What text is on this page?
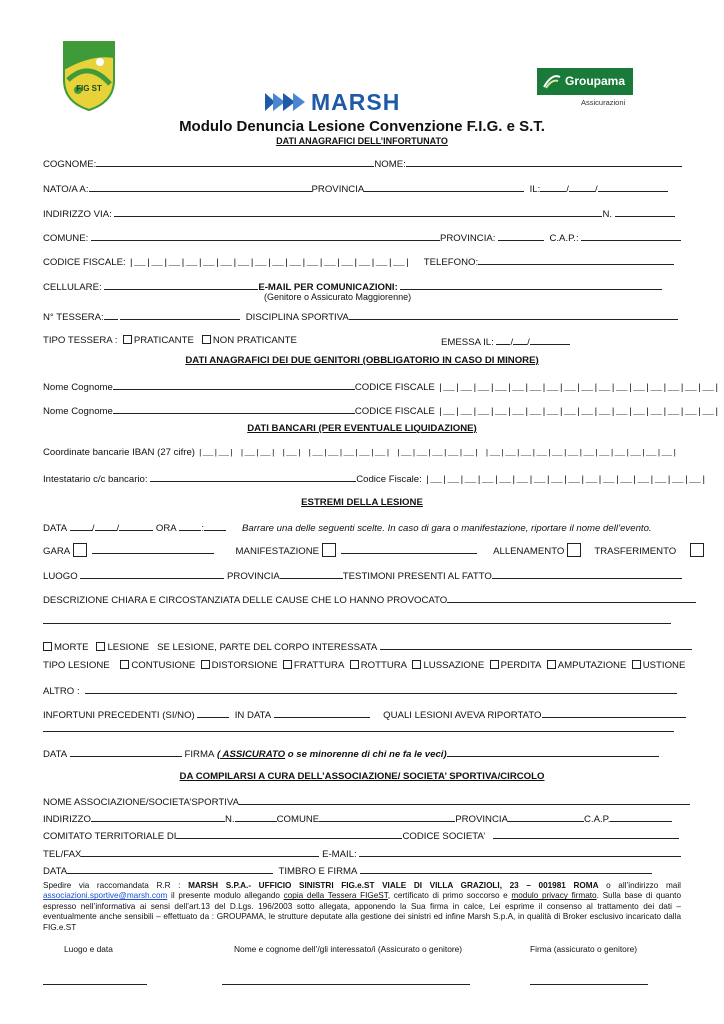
FIG ST
MARSH
Groupama
Assicurazioni
Modulo Denuncia Lesione Convenzione F.I.G. e S.T.
DATI ANAGRAFICI DELL’INFORTUNATO
COGNOME:	NOME:
NATO/A A:	PROVINCIA	IL:	/	/
INDIRIZZO VIA:	N.
COMUNE:	PROVINCIA:	C.A.P.:
CODICE FISCALE: |__|__|__|__|__|__|__|__|__|__|__|__|__|__|__|__| TELEFONO:
CELLULARE:	E-MAIL PER COMUNICAZIONI:
(Genitore o Assicurato Maggiorenne)
N° TESSERA:	DISCIPLINA SPORTIVA
TIPO TESSERA : PRATICANTE NON PRATICANTE	EMESSA IL: / /
DATI ANAGRAFICI DEI DUE GENITORI (OBBLIGATORIO IN CASO DI MINORE)
Nome Cognome	CODICE FISCALE |__|__|__|__|__|__|__|__|__|__|__|__|__|__|__|__|
Nome Cognome	CODICE FISCALE |__|__|__|__|__|__|__|__|__|__|__|__|__|__|__|__|
DATI BANCARI (PER EVENTUALE LIQUIDAZIONE)
Coordinate bancarie IBAN (27 cifre) |__|__| |__|__| |__| |__|__|__|__|__| |__|__|__|__|__| |__|__|__|__|__|__|__|__|__|__|__|__|
Intestatario c/c bancario:	Codice Fiscale: |__|__|__|__|__|__|__|__|__|__|__|__|__|__|__|__|
ESTREMI DELLA LESIONE
DATA	/ /	ORA	:	Barrare una delle seguenti scelte. In caso di gara o manifestazione, riportare il nome dell’evento.
GARA	MANIFESTAZIONE	ALLENAMENTO	TRASFERIMENTO
LUOGO	PROVINCIA	TESTIMONI PRESENTI AL FATTO
DESCRIZIONE CHIARA E CIRCOSTANZIATA DELLE CAUSE CHE LO HANNO PROVOCATO
MORTE LESIONE SE LESIONE, PARTE DEL CORPO INTERESSATA
TIPO LESIONE CONTUSIONE DISTORSIONE FRATTURA ROTTURA LUSSAZIONE PERDITA AMPUTAZIONE USTIONE
ALTRO :
INFORTUNI PRECEDENTI (SI/NO)	IN DATA	QUALI LESIONI AVEVA RIPORTATO
DATA	FIRMA ( ASSICURATO o se minorenne di chi ne fa le veci)
DA COMPILARSI A CURA DELL’ASSOCIAZIONE/ SOCIETA’ SPORTIVA/CIRCOLO
NOME ASSOCIAZIONE/SOCIETA’SPORTIVA
INDIRIZZO	N.	COMUNE	PROVINCIA	C.A.P.
COMITATO TERRITORIALE DI	CODICE SOCIETA’
TEL/FAX	E-MAIL:
DATA	TIMBRO E FIRMA
Spedire via raccomandata R.R : MARSH S.P.A.- UFFICIO SINISTRI FIG.e.ST VIALE DI VILLA GRAZIOLI, 23 – 001981 ROMA o all’indirizzo mail associazioni.sportive@marsh.com il presente modulo allegando copia della Tessera FIGeST, certificato di primo soccorso e modulo privacy firmato. Sulla base di quanto espresso nell’informativa ai sensi dell’art.13 del D.Lgs. 196/2003 sotto allegata, apponendo la Sua firma in calce, Lei esprime il consenso al trattamento dei dati – eventualmente anche sensibili – effettuato da : GROUPAMA, le strutture deputate alla gestione dei sinistri ed infine Marsh S.p.A, in qualità di Broker esclusivo incaricato dalla FIG.e.ST
Luogo e data	Nome e cognome dell’/gli interessato/i (Assicurato o genitore)	Firma (assicurato o genitore)
